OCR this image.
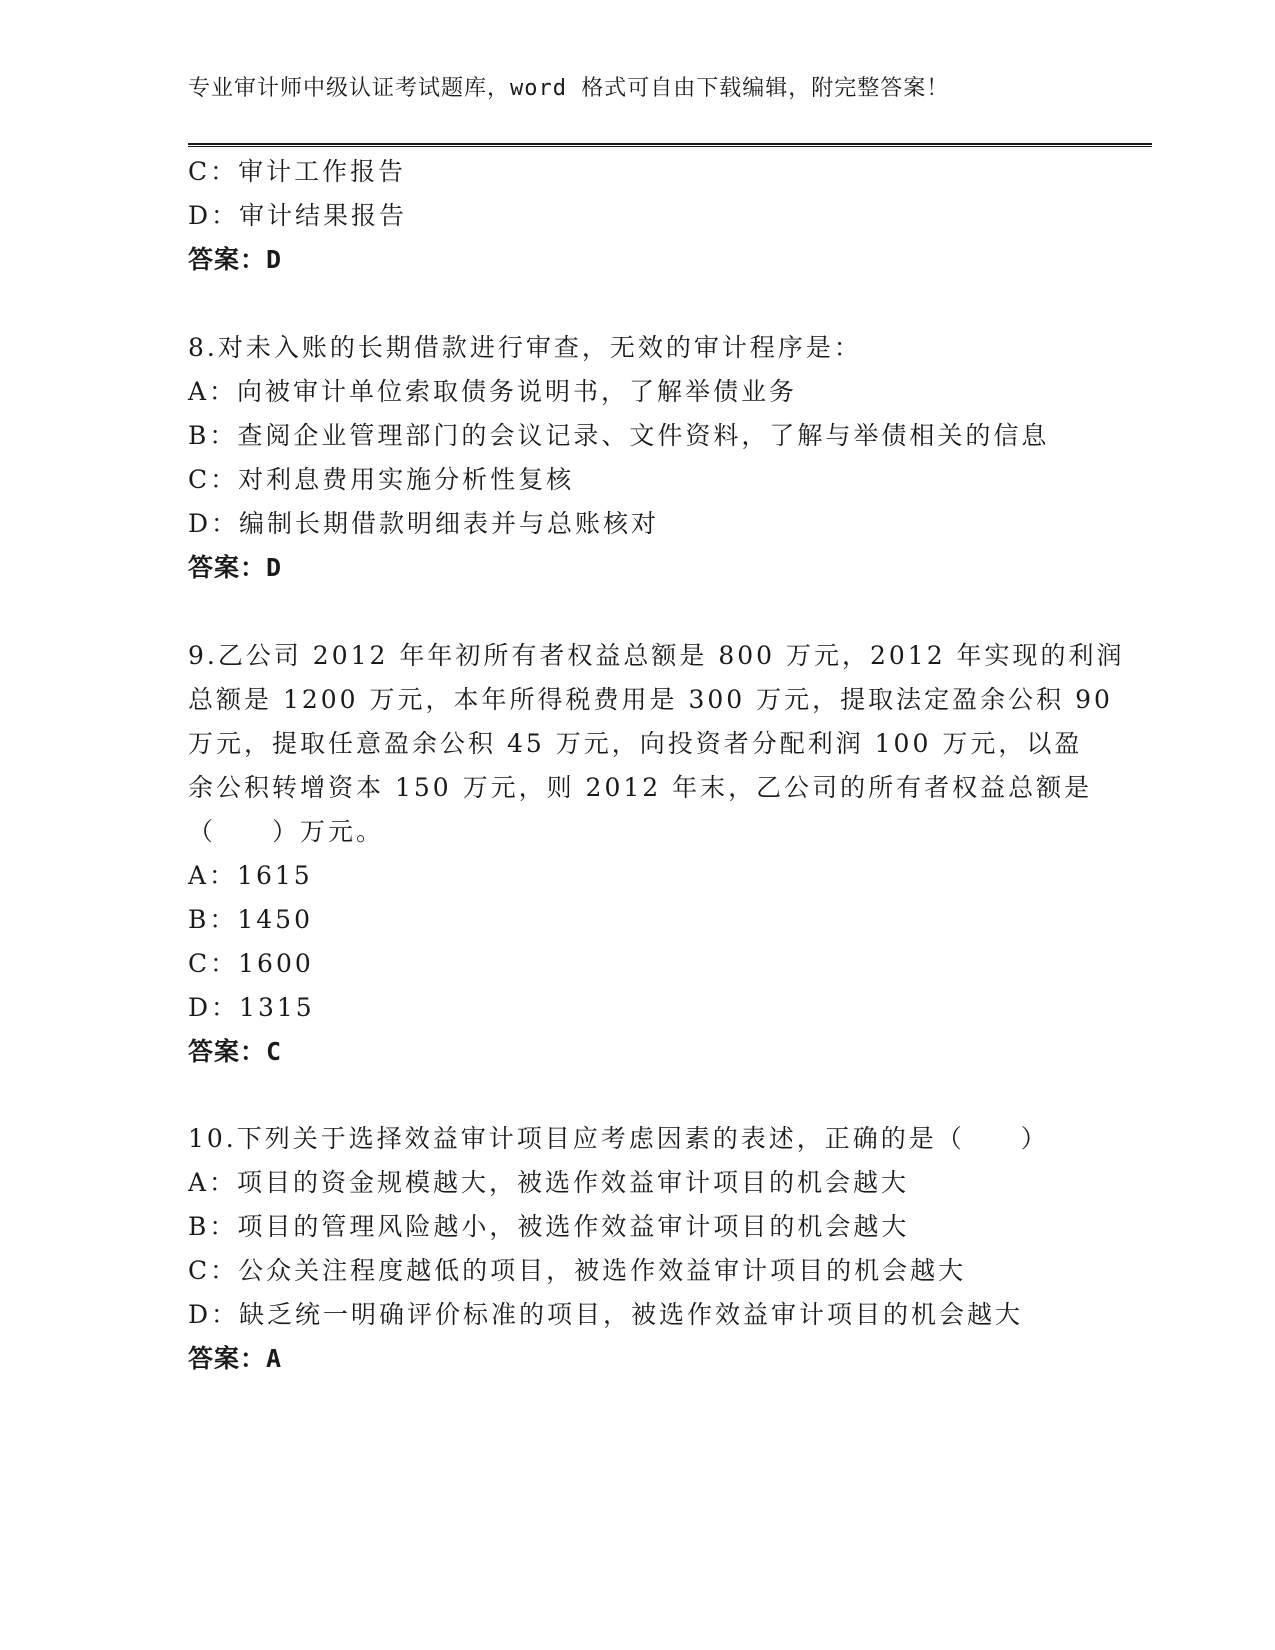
专业审计师中级认证考试题库，word 格式可自由下载编辑，附完整答案！
C：审计工作报告
D：审计结果报告
答案：D
8.对未入账的长期借款进行审查，无效的审计程序是：
A：向被审计单位索取债务说明书，了解举债业务
B：查阅企业管理部门的会议记录、文件资料，了解与举债相关的信息
C：对利息费用实施分析性复核
D：编制长期借款明细表并与总账核对
答案：D
9.乙公司 2012 年年初所有者权益总额是 800 万元，2012 年实现的利润
总额是 1200 万元，本年所得税费用是 300 万元，提取法定盈余公积 90
万元，提取任意盈余公积 45 万元，向投资者分配利润 100 万元，以盈
余公积转增资本 150 万元，则 2012 年末，乙公司的所有者权益总额是
（　　）万元。
A：1615
B：1450
C：1600
D：1315
答案：C
10.下列关于选择效益审计项目应考虑因素的表述，正确的是（　　）
A：项目的资金规模越大，被选作效益审计项目的机会越大
B：项目的管理风险越小，被选作效益审计项目的机会越大
C：公众关注程度越低的项目，被选作效益审计项目的机会越大
D：缺乏统一明确评价标准的项目，被选作效益审计项目的机会越大
答案：A
